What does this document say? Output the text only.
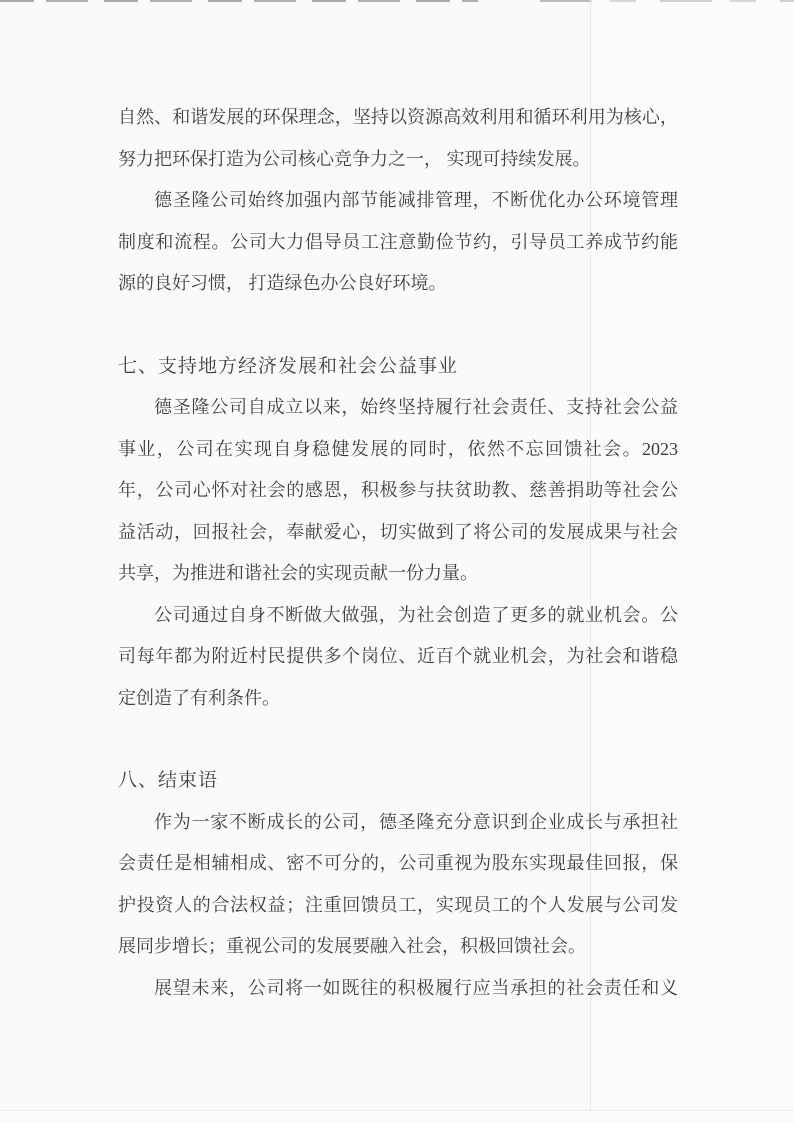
自然、和谐发展的环保理念，坚持以资源高效利用和循环利用为核心，
努力把环保打造为公司核心竞争力之一， 实现可持续发展。
德圣隆公司始终加强内部节能减排管理，不断优化办公环境管理
制度和流程。公司大力倡导员工注意勤俭节约，引导员工养成节约能
源的良好习惯， 打造绿色办公良好环境。
七、支持地方经济发展和社会公益事业
德圣隆公司自成立以来，始终坚持履行社会责任、支持社会公益
事业，公司在实现自身稳健发展的同时，依然不忘回馈社会。2023
年，公司心怀对社会的感恩，积极参与扶贫助教、慈善捐助等社会公
益活动，回报社会，奉献爱心，切实做到了将公司的发展成果与社会
共享，为推进和谐社会的实现贡献一份力量。
公司通过自身不断做大做强，为社会创造了更多的就业机会。公
司每年都为附近村民提供多个岗位、近百个就业机会，为社会和谐稳
定创造了有利条件。
八、结束语
作为一家不断成长的公司，德圣隆充分意识到企业成长与承担社
会责任是相辅相成、密不可分的，公司重视为股东实现最佳回报，保
护投资人的合法权益；注重回馈员工，实现员工的个人发展与公司发
展同步增长；重视公司的发展要融入社会，积极回馈社会。
展望未来，公司将一如既往的积极履行应当承担的社会责任和义
